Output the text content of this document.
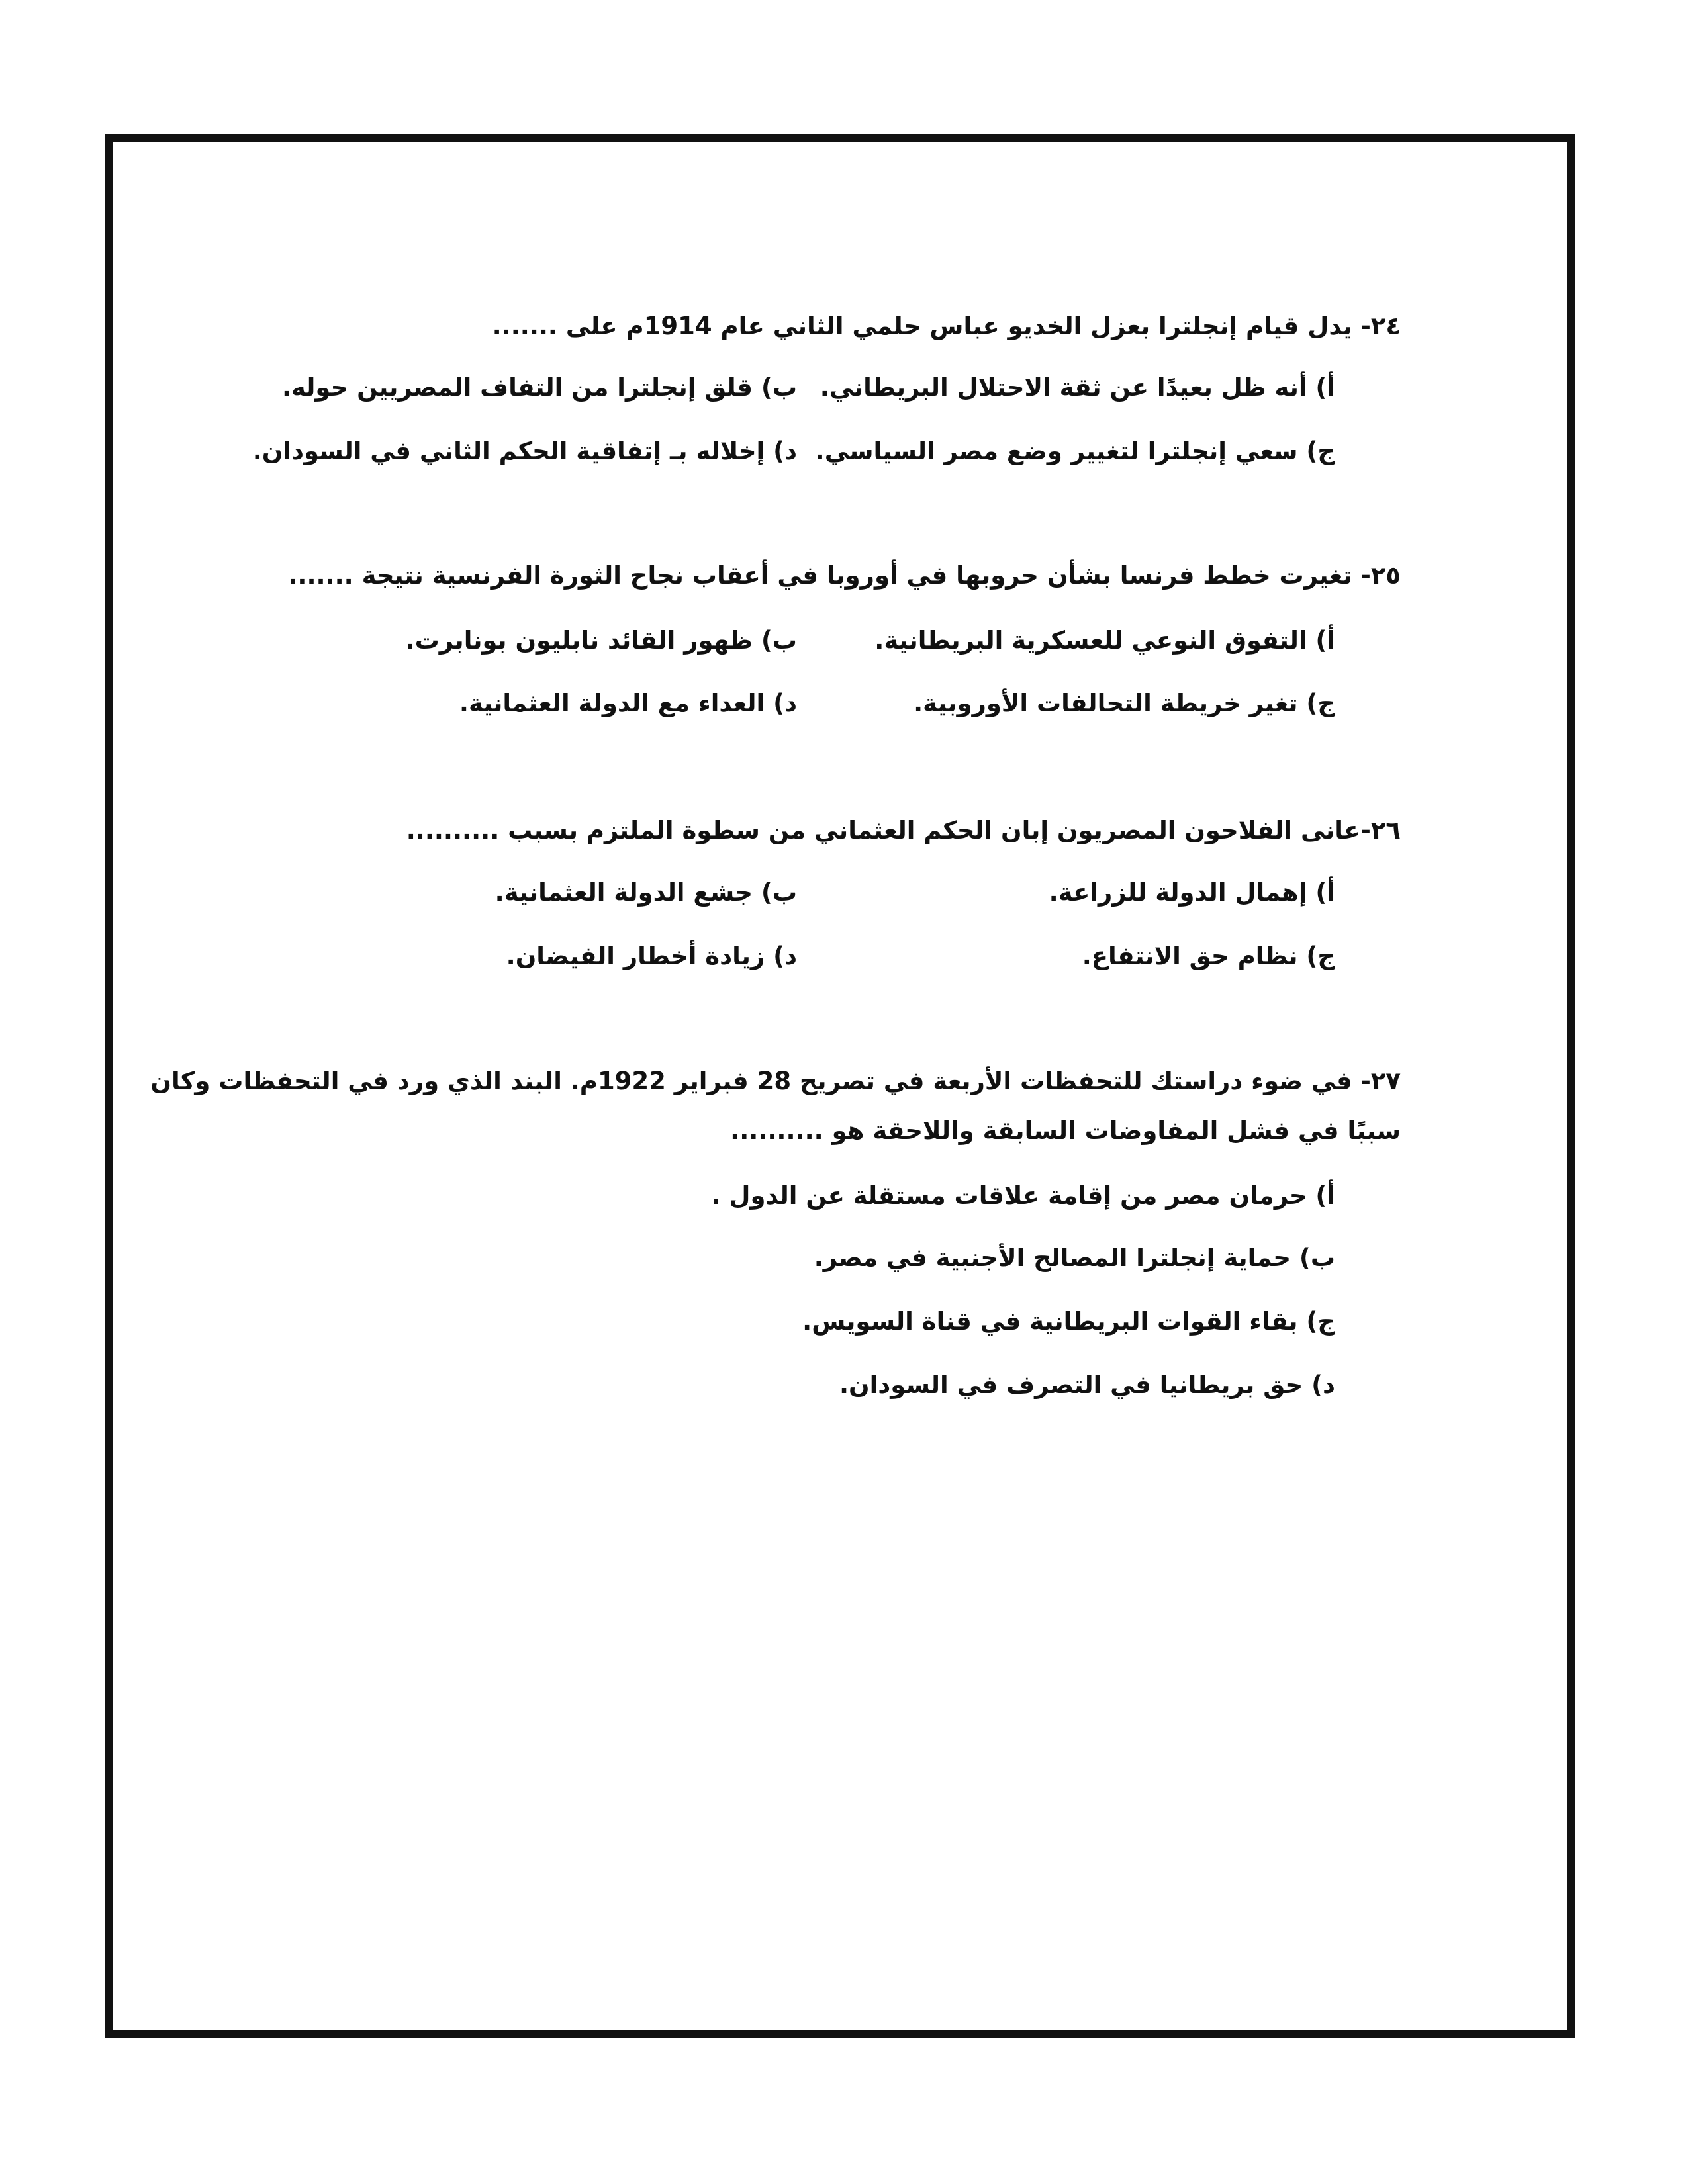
٢٤- يدل قيام إنجلترا بعزل الخديو عباس حلمي الثاني عام 1914م على .......
أ) أنه ظل بعيدًا عن ثقة الاحتلال البريطاني.
ب) قلق إنجلترا من التفاف المصريين حوله.
ج) سعي إنجلترا لتغيير وضع مصر السياسي.
د) إخلاله بـ إتفاقية الحكم الثاني في السودان.
٢٥- تغيرت خطط فرنسا بشأن حروبها في أوروبا في أعقاب نجاح الثورة الفرنسية نتيجة .......
أ) التفوق النوعي للعسكرية البريطانية.
ب) ظهور القائد نابليون بونابرت.
ج) تغير خريطة التحالفات الأوروبية.
د) العداء مع الدولة العثمانية.
٢٦-عانى الفلاحون المصريون إبان الحكم العثماني من سطوة الملتزم بسبب ..........
أ) إهمال الدولة للزراعة.
ب) جشع الدولة العثمانية.
ج) نظام حق الانتفاع.
د) زيادة أخطار الفيضان.
٢٧- في ضوء دراستك للتحفظات الأربعة في تصريح 28 فبراير 1922م. البند الذي ورد في التحفظات وكان
سببًا في فشل المفاوضات السابقة واللاحقة هو ..........
أ) حرمان مصر من إقامة علاقات مستقلة عن الدول .
ب) حماية إنجلترا المصالح الأجنبية في مصر.
ج) بقاء القوات البريطانية في قناة السويس.
د) حق بريطانيا في التصرف في السودان.
